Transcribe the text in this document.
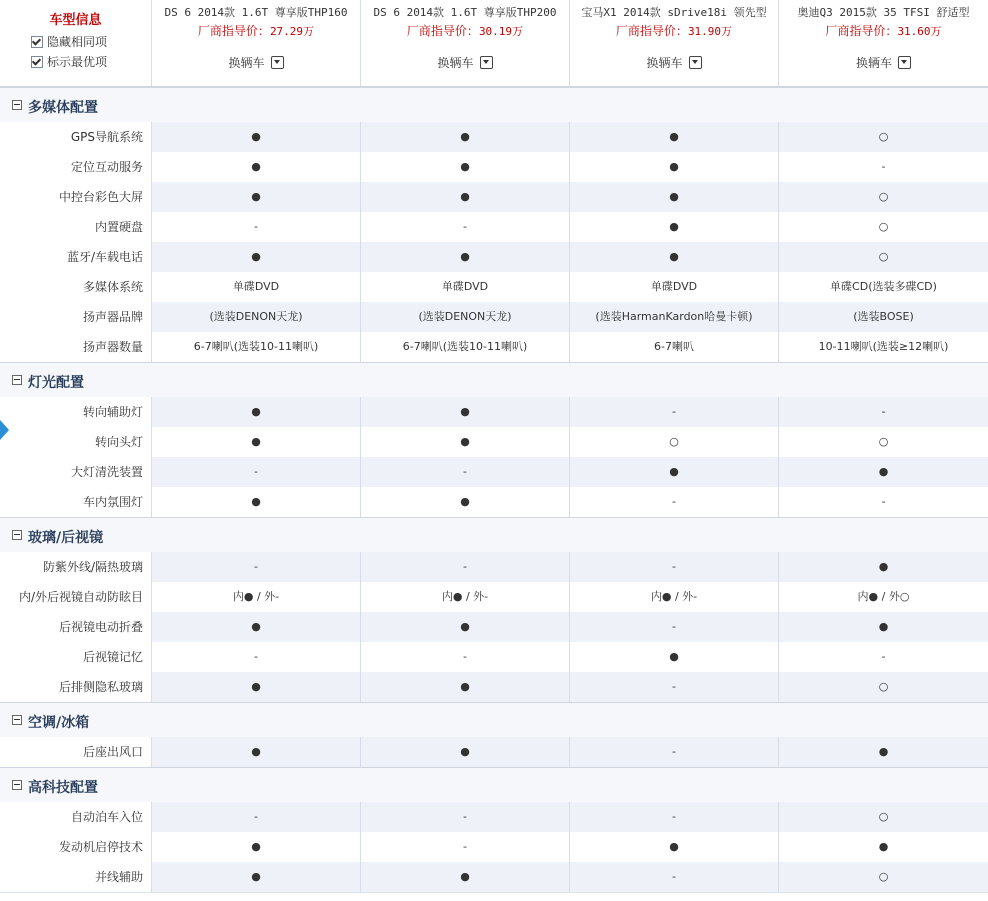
车型信息
隐藏相同项
标示最优项
DS 6 2014款 1.6T 尊享版THP160
厂商指导价：27.29万
换辆车
DS 6 2014款 1.6T 尊享版THP200
厂商指导价：30.19万
换辆车
宝马X1 2014款 sDrive18i 领先型
厂商指导价：31.90万
换辆车
奥迪Q3 2015款 35 TFSI 舒适型
厂商指导价：31.60万
换辆车
多媒体配置
GPS导航系统	●	●	●	○
定位互动服务	●	●	●	-
中控台彩色大屏	●	●	●	○
内置硬盘	-	-	●	○
蓝牙/车载电话	●	●	●	○
多媒体系统	单碟DVD	单碟DVD	单碟DVD	单碟CD(选装多碟CD)
扬声器品牌	(选装DENON天龙)	(选装DENON天龙)	(选装HarmanKardon哈曼卡顿)	(选装BOSE)
扬声器数量	6-7喇叭(选装10-11喇叭)	6-7喇叭(选装10-11喇叭)	6-7喇叭	10-11喇叭(选装≥12喇叭)
灯光配置
转向辅助灯	●	●	-	-
转向头灯	●	●	○	○
大灯清洗装置	-	-	●	●
车内氛围灯	●	●	-	-
玻璃/后视镜
防紫外线/隔热玻璃	-	-	-	●
内/外后视镜自动防眩目	内● / 外-	内● / 外-	内● / 外-	内● / 外○
后视镜电动折叠	●	●	-	●
后视镜记忆	-	-	●	-
后排侧隐私玻璃	●	●	-	○
空调/冰箱
后座出风口	●	●	-	●
高科技配置
自动泊车入位	-	-	-	○
发动机启停技术	●	-	●	●
并线辅助	●	●	-	○
